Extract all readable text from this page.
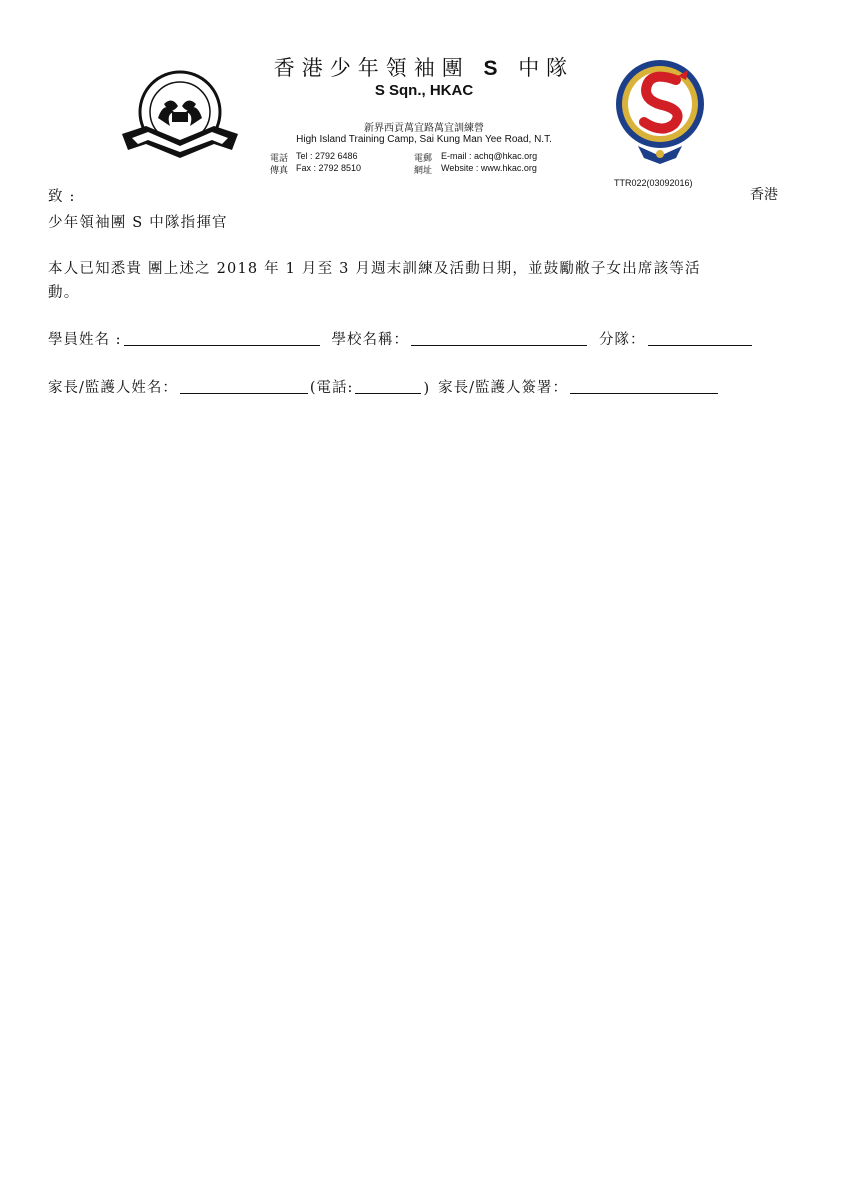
香港少年領袖團 S 中隊
S Sqn., HKAC
新界西貢萬宜路萬宜訓練營
High Island Training Camp, Sai Kung Man Yee Road, N.T.
電話 Tel : 2792 6486
傳真 Fax : 2792 8510
電郵 E-mail : achq@hkac.org
網址 Website : www.hkac.org
TTR022(03092016)
香港
致 :
少年領袖團 S 中隊指揮官
本人已知悉貴 團上述之 2018 年 1 月至 3 月週末訓練及活動日期，並鼓勵敝子女出席該等活
動。
學員姓名 :	學校名稱：	分隊：
家長/監護人姓名：	(電話:	) 家長/監護人簽署：
